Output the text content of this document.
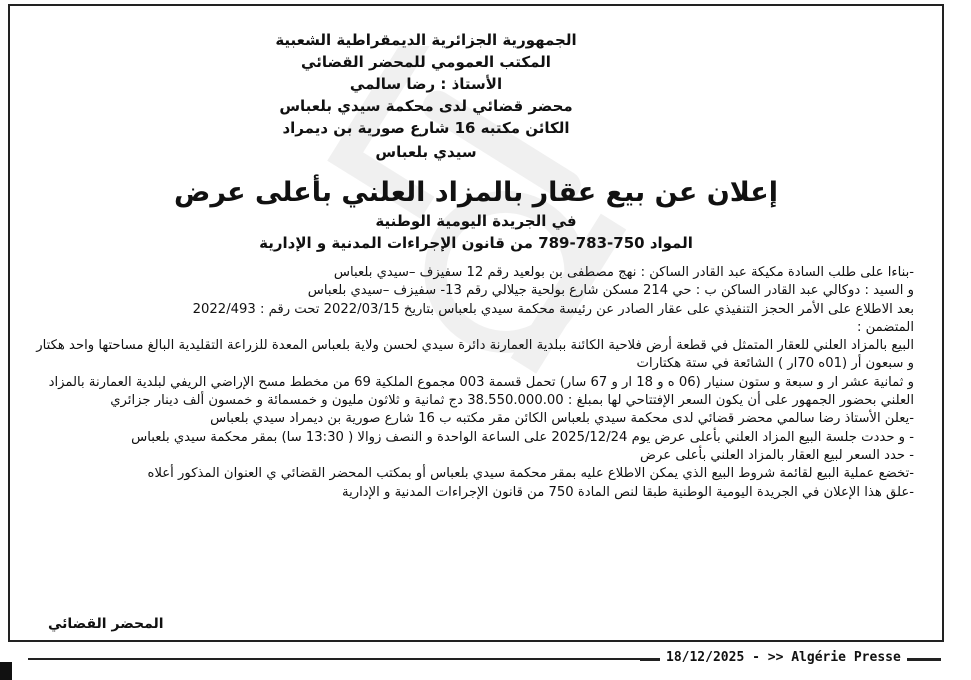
الجمهورية الجزائرية الديمقراطية الشعبية
المكتب العمومي للمحضر القضائي
الأستاذ : رضا سالمي
محضر قضائي لدى محكمة سيدي بلعباس
الكائن مكتبه 16 شارع صورية بن ديمراد
سيدي بلعباس
إعلان عن بيع عقار بالمزاد العلني بأعلى عرض
في الجريدة اليومية الوطنية
المواد 750-783-789 من قانون الإجراءات المدنية و الإدارية

-بناءا على طلب السادة مكيكة عبد القادر الساكن : نهج مصطفى بن بولعيد رقم 12 سفيزف –سيدي بلعباس

و السيد : دوكالي عبد القادر الساكن ب : حي 214 مسكن شارع بولحية جيلالي رقم 13- سفيزف –سيدي بلعباس

بعد الاطلاع على الأمر الحجز التنفيذي على عقار الصادر عن رئيسة محكمة سيدي بلعباس بتاريخ 2022/03/15 تحت رقم : 2022/493

المتضمن :

البيع بالمزاد العلني للعقار المتمثل في قطعة أرض فلاحية الكائنة ببلدية العمارنة دائرة سيدي لحسن ولاية بلعباس المعدة للزراعة التقليدية البالغ مساحتها واحد هكتار و سبعون أر (01ه 70ار ) الشائعة في ستة هكتارات

و ثمانية عشر ار و سبعة و ستون سنيار (06 ه و 18 ار و 67 سار) تحمل قسمة 003 مجموع الملكية 69 من مخطط مسح الإراضي الريفي لبلدية العمارنة بالمزاد العلني بحضور الجمهور على أن يكون السعر الإفتتاحي لها بمبلغ : 38.550.000.00 دج ثمانية و ثلاثون مليون و خمسمائة و خمسون ألف دينار جزائري

-يعلن الأستاذ رضا سالمي محضر قضائي لدى محكمة سيدي بلعباس الكائن مقر مكتبه ب 16 شارع صورية بن ديمراد سيدي بلعباس

- و حددت جلسة البيع المزاد العلني بأعلى عرض يوم 2025/12/24 على الساعة الواحدة و النصف زوالا ( 13:30 سا) بمقر محكمة سيدي بلعباس

- حدد السعر لبيع العقار بالمزاد العلني بأعلى عرض

-تخضع عملية البيع لقائمة شروط البيع الذي يمكن الاطلاع عليه بمقر محكمة سيدي بلعباس أو بمكتب المحضر القضائي ي العنوان المذكور أعلاه

-علق هذا الإعلان في الجريدة اليومية الوطنية طبقا لنص المادة 750 من قانون الإجراءات المدنية و الإدارية

المحضر القضائي
18/12/2025 - >> Algérie Presse
